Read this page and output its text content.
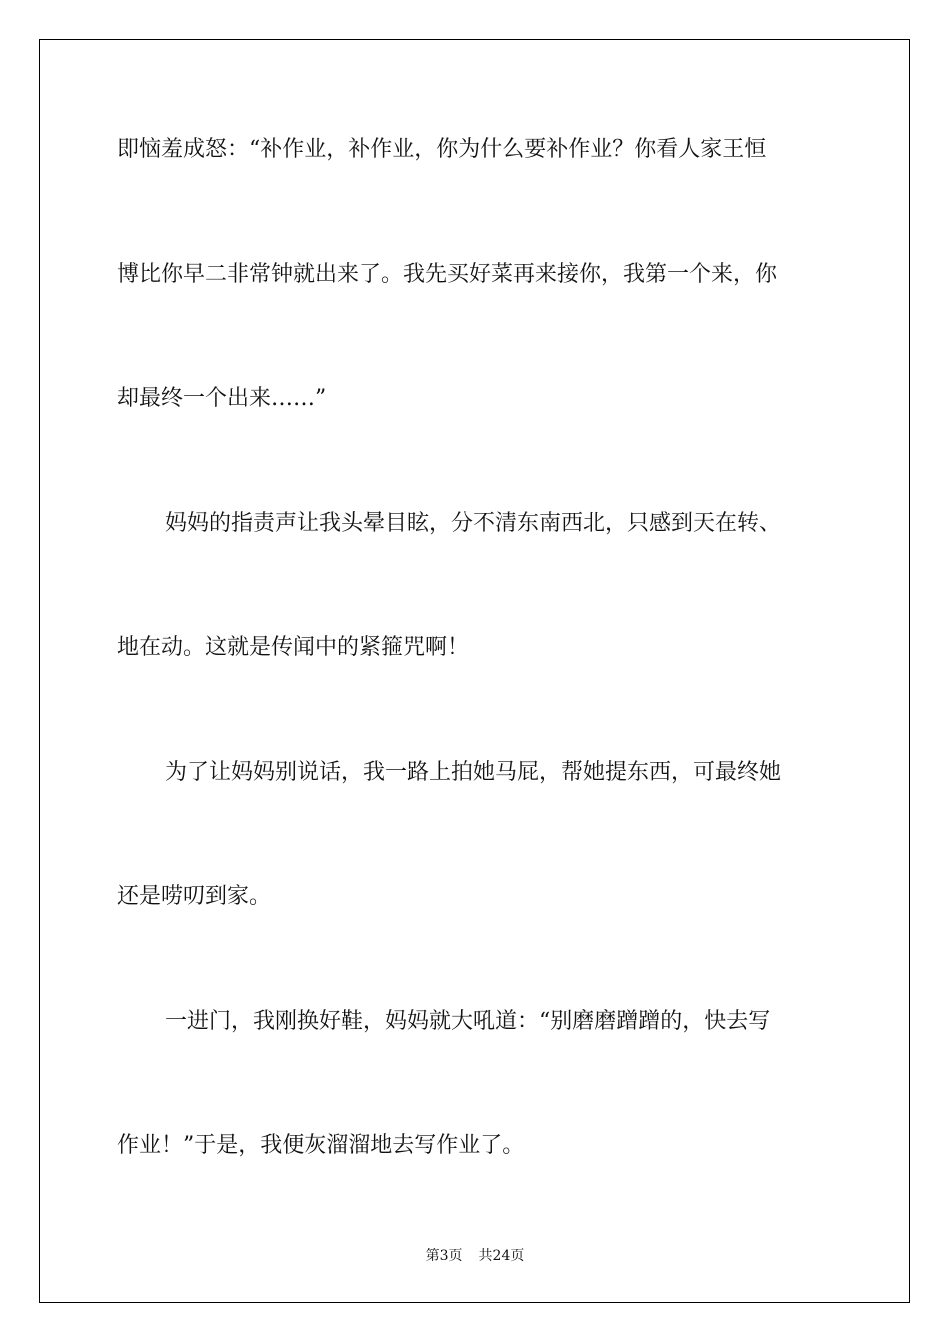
即恼羞成怒：“补作业，补作业，你为什么要补作业？你看人家王恒
博比你早二非常钟就出来了。我先买好菜再来接你，我第一个来，你
却最终一个出来……”
妈妈的指责声让我头晕目眩，分不清东南西北，只感到天在转、
地在动。这就是传闻中的紧箍咒啊！
为了让妈妈别说话，我一路上拍她马屁，帮她提东西，可最终她
还是唠叨到家。
一进门，我刚换好鞋，妈妈就大吼道：“别磨磨蹭蹭的，快去写
作业！”于是，我便灰溜溜地去写作业了。
第3页 共24页
